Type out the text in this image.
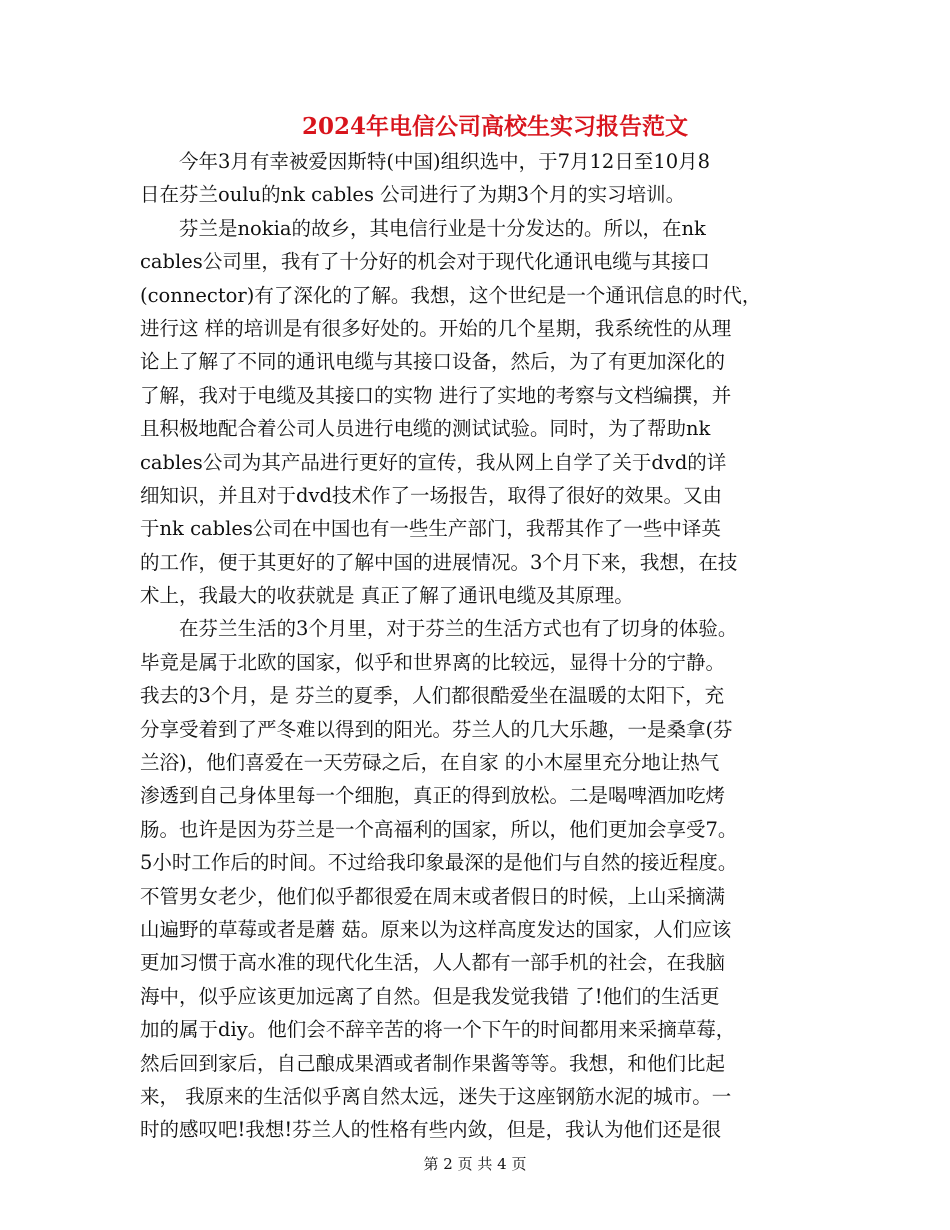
2024年电信公司高校生实习报告范文
　　今年3月有幸被爱因斯特(中国)组织选中，于7月12日至10月8
日在芬兰oulu的nk cables 公司进行了为期3个月的实习培训。
　　芬兰是nokia的故乡，其电信行业是十分发达的。所以，在nk
cables公司里，我有了十分好的机会对于现代化通讯电缆与其接口
(connector)有了深化的了解。我想，这个世纪是一个通讯信息的时代，
进行这 样的培训是有很多好处的。开始的几个星期，我系统性的从理
论上了解了不同的通讯电缆与其接口设备，然后，为了有更加深化的
了解，我对于电缆及其接口的实物 进行了实地的考察与文档编撰，并
且积极地配合着公司人员进行电缆的测试试验。同时，为了帮助nk
cables公司为其产品进行更好的宣传，我从网上自学了关于dvd的详
细知识，并且对于dvd技术作了一场报告，取得了很好的效果。又由
于nk cables公司在中国也有一些生产部门，我帮其作了一些中译英
的工作，便于其更好的了解中国的进展情况。3个月下来，我想，在技
术上，我最大的收获就是 真正了解了通讯电缆及其原理。
　　在芬兰生活的3个月里，对于芬兰的生活方式也有了切身的体验。
毕竟是属于北欧的国家，似乎和世界离的比较远，显得十分的宁静。
我去的3个月，是 芬兰的夏季，人们都很酷爱坐在温暖的太阳下，充
分享受着到了严冬难以得到的阳光。芬兰人的几大乐趣，一是桑拿(芬
兰浴)，他们喜爱在一天劳碌之后，在自家 的小木屋里充分地让热气
渗透到自己身体里每一个细胞，真正的得到放松。二是喝啤酒加吃烤
肠。也许是因为芬兰是一个高福利的国家，所以，他们更加会享受7。
5小时工作后的时间。不过给我印象最深的是他们与自然的接近程度。
不管男女老少，他们似乎都很爱在周末或者假日的时候，上山采摘满
山遍野的草莓或者是蘑 菇。原来以为这样高度发达的国家，人们应该
更加习惯于高水准的现代化生活，人人都有一部手机的社会，在我脑
海中，似乎应该更加远离了自然。但是我发觉我错 了!他们的生活更
加的属于diy。他们会不辞辛苦的将一个下午的时间都用来采摘草莓，
然后回到家后，自己酿成果酒或者制作果酱等等。我想，和他们比起
来， 我原来的生活似乎离自然太远，迷失于这座钢筋水泥的城市。一
时的感叹吧!我想!芬兰人的性格有些内敛，但是，我认为他们还是很
第 2 页 共 4 页
